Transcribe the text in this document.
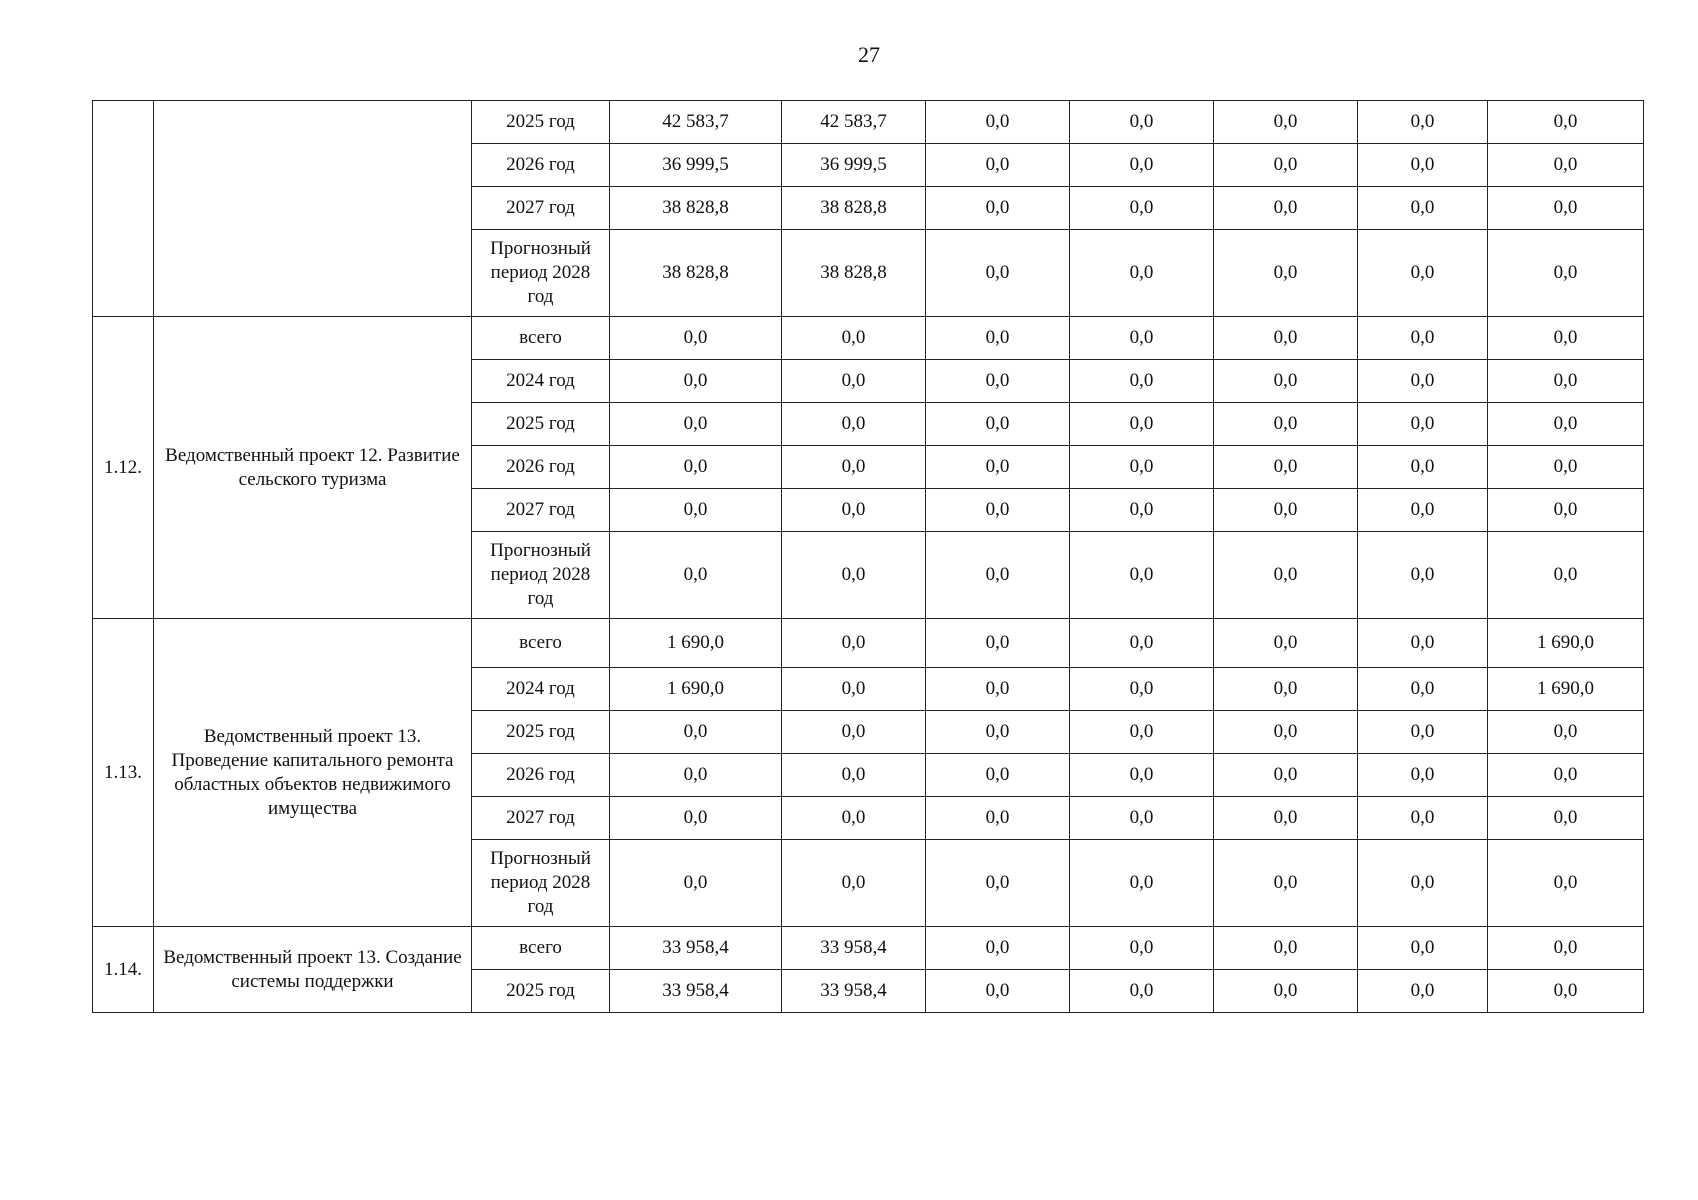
27
		2025 год	42 583,7	42 583,7	0,0	0,0	0,0	0,0	0,0
		2026 год	36 999,5	36 999,5	0,0	0,0	0,0	0,0	0,0
		2027 год	38 828,8	38 828,8	0,0	0,0	0,0	0,0	0,0
		Прогнозный период 2028 год	38 828,8	38 828,8	0,0	0,0	0,0	0,0	0,0
1.12.	Ведомственный проект 12. Развитие сельского туризма	всего	0,0	0,0	0,0	0,0	0,0	0,0	0,0
		2024 год	0,0	0,0	0,0	0,0	0,0	0,0	0,0
		2025 год	0,0	0,0	0,0	0,0	0,0	0,0	0,0
		2026 год	0,0	0,0	0,0	0,0	0,0	0,0	0,0
		2027 год	0,0	0,0	0,0	0,0	0,0	0,0	0,0
		Прогнозный период 2028 год	0,0	0,0	0,0	0,0	0,0	0,0	0,0
1.13.	Ведомственный проект 13. Проведение капитального ремонта областных объектов недвижимого имущества	всего	1 690,0	0,0	0,0	0,0	0,0	0,0	1 690,0
		2024 год	1 690,0	0,0	0,0	0,0	0,0	0,0	1 690,0
		2025 год	0,0	0,0	0,0	0,0	0,0	0,0	0,0
		2026 год	0,0	0,0	0,0	0,0	0,0	0,0	0,0
		2027 год	0,0	0,0	0,0	0,0	0,0	0,0	0,0
		Прогнозный период 2028 год	0,0	0,0	0,0	0,0	0,0	0,0	0,0
1.14.	Ведомственный проект 13. Создание системы поддержки	всего	33 958,4	33 958,4	0,0	0,0	0,0	0,0	0,0
		2025 год	33 958,4	33 958,4	0,0	0,0	0,0	0,0	0,0
